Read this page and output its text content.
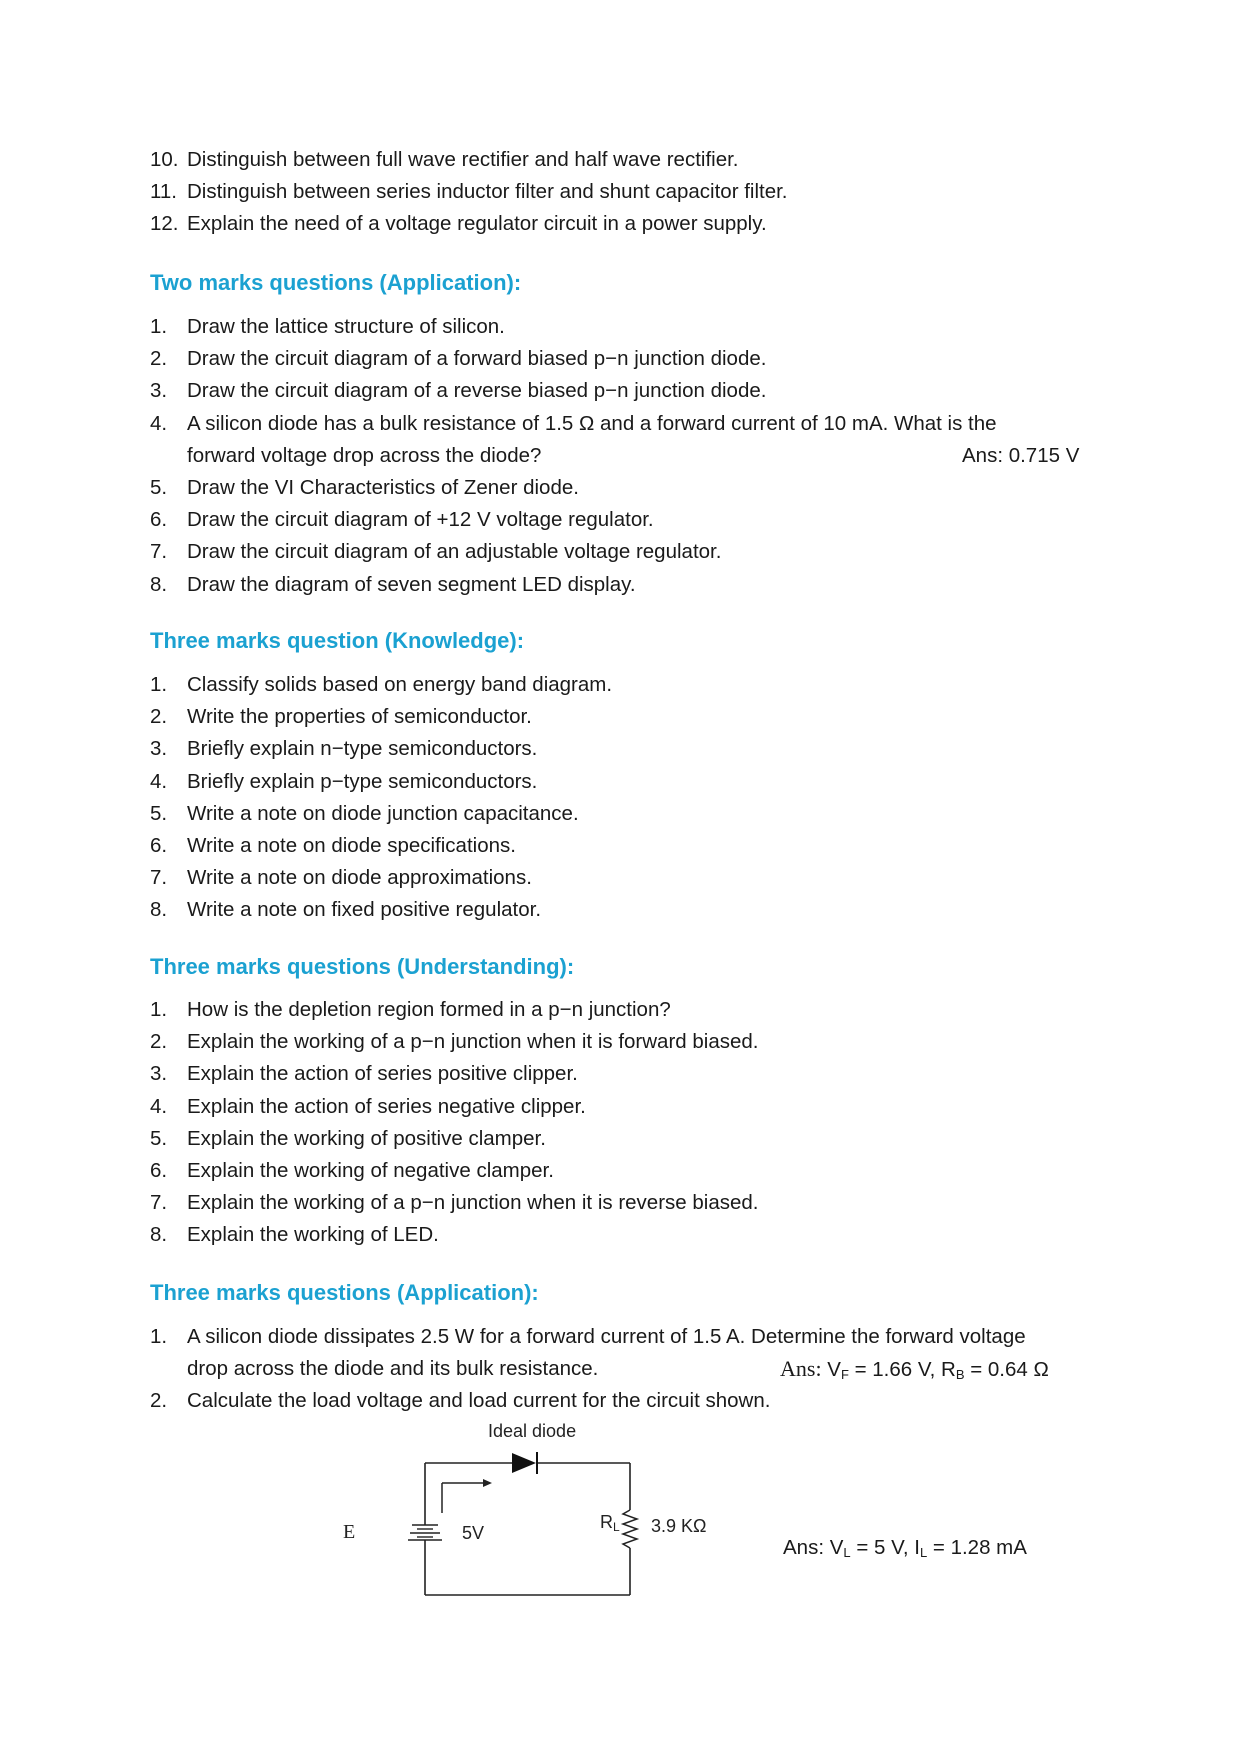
10. Distinguish between full wave rectifier and half wave rectifier.
11. Distinguish between series inductor filter and shunt capacitor filter.
12. Explain the need of a voltage regulator circuit in a power supply.
Two marks questions (Application):
1. Draw the lattice structure of silicon.
2. Draw the circuit diagram of a forward biased p−n junction diode.
3. Draw the circuit diagram of a reverse biased p−n junction diode.
4. A silicon diode has a bulk resistance of 1.5 Ω and a forward current of 10 mA. What is the
forward voltage drop across the diode?	Ans: 0.715 V
5. Draw the VI Characteristics of Zener diode.
6. Draw the circuit diagram of +12 V voltage regulator.
7. Draw the circuit diagram of an adjustable voltage regulator.
8. Draw the diagram of seven segment LED display.
Three marks question (Knowledge):
1. Classify solids based on energy band diagram.
2. Write the properties of semiconductor.
3. Briefly explain n−type semiconductors.
4. Briefly explain p−type semiconductors.
5. Write a note on diode junction capacitance.
6. Write a note on diode specifications.
7. Write a note on diode approximations.
8. Write a note on fixed positive regulator.
Three marks questions (Understanding):
1. How is the depletion region formed in a p−n junction?
2. Explain the working of a p−n junction when it is forward biased.
3. Explain the action of series positive clipper.
4. Explain the action of series negative clipper.
5. Explain the working of positive clamper.
6. Explain the working of negative clamper.
7. Explain the working of a p−n junction when it is reverse biased.
8. Explain the working of LED.
Three marks questions (Application):
1. A silicon diode dissipates 2.5 W for a forward current of 1.5 A. Determine the forward voltage
drop across the diode and its bulk resistance.	Ans: $V_F = 1.66$ V, $R_B = 0.64$ Ω
2. Calculate the load voltage and load current for the circuit shown.
Ideal diode
E	5V
RL 3.9 KΩ
Ans: $V_L = 5$ V, $I_L = 1.28$ mA
